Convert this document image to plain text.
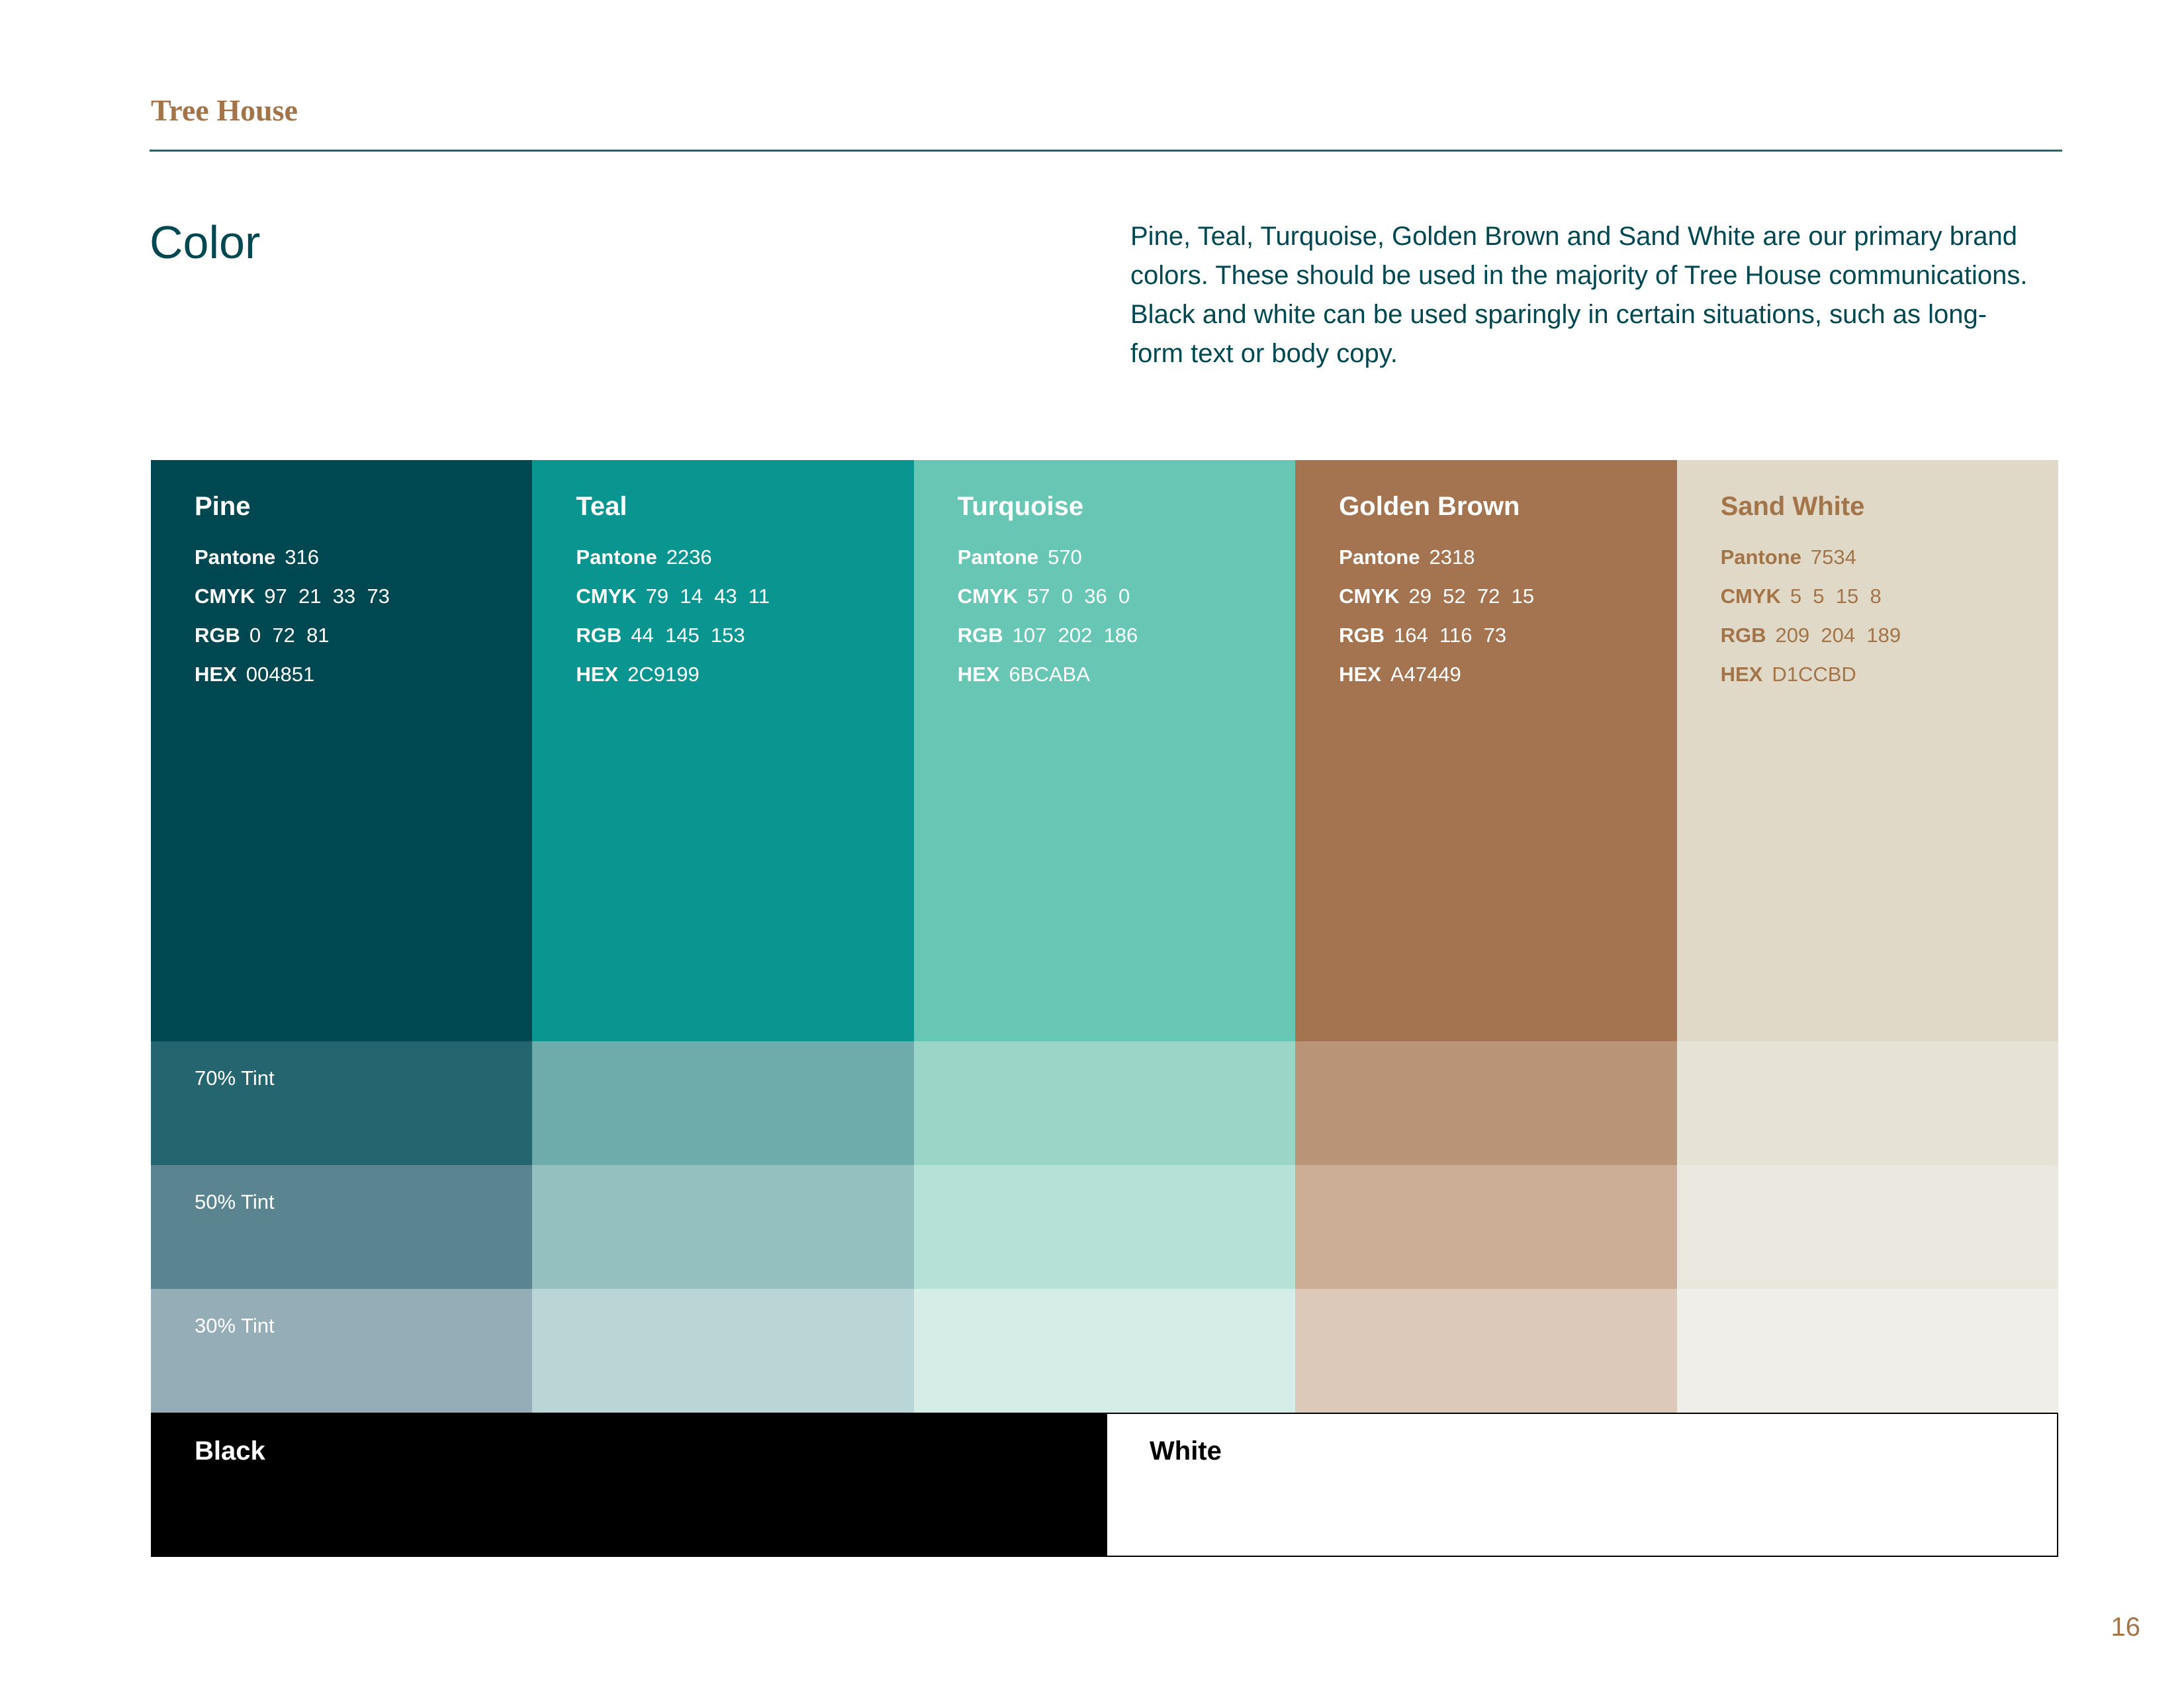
Tree House
Color	Pine, Teal, Turquoise, Golden Brown and Sand White are our primary brand colors. These should be used in the majority of Tree House communications. Black and white can be used sparingly in certain situations, such as long-form text or body copy.

Pine
Pantone 316
CMYK 97  21  33  73
RGB 0  72  81
HEX 004851
70% Tint
50% Tint
30% Tint
Teal
Pantone 2236
CMYK 79  14  43  11
RGB 44  145  153
HEX 2C9199
Turquoise
Pantone 570
CMYK 57  0  36  0
RGB 107  202  186
HEX 6BCABA
Golden Brown
Pantone 2318
CMYK 29  52  72  15
RGB 164  116  73
HEX A47449
Sand White
Pantone 7534
CMYK 5  5  15  8
RGB 209  204  189
HEX D1CCBD
Black	White
16
